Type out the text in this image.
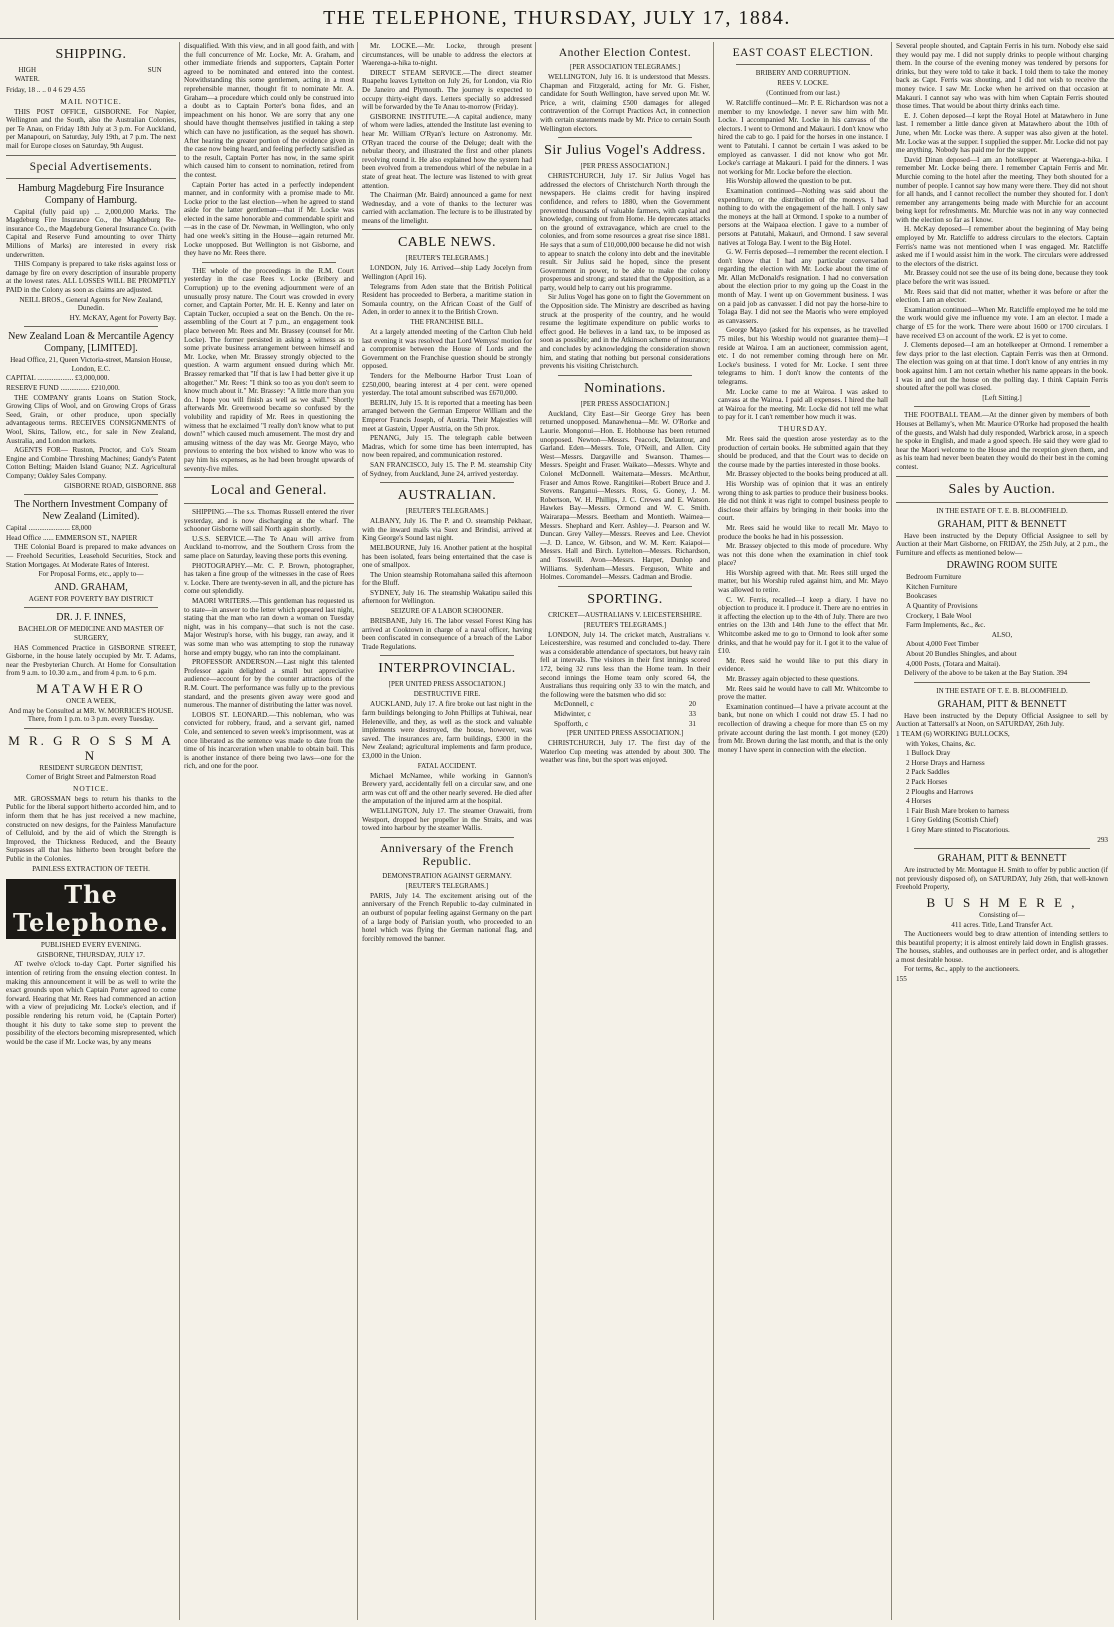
THE TELEPHONE, THURSDAY, JULY 17, 1884.
SHIPPING.
HIGH WATER.
SUN

Friday, 18 .. .. 0 4 6 29 4.55

MAIL NOTICE.

THIS POST OFFICE, GISBORNE. For Napier, Wellington and the South, also the Australian Colonies, per Te Anau, on Friday 18th July at 3 p.m. For Auckland, per Manapouri, on Saturday, July 19th, at 7 p.m. The next mail for Europe closes on Saturday, 9th August.

Special Advertisements.
Hamburg Magdeburg Fire Insurance Company of Hamburg.

Capital (fully paid up) ... 2,000,000 Marks. The Magdeburg Fire Insurance Co., the Magdeburg Re-insurance Co., the Magdeburg General Insurance Co. (with Capital and Reserve Fund amounting to over Thirty Millions of Marks) are interested in every risk underwritten.

THIS Company is prepared to take risks against loss or damage by fire on every description of insurable property at the lowest rates. ALL LOSSES WILL BE PROMPTLY PAID in the Colony as soon as claims are adjusted.

NEILL BROS., General Agents for New Zealand, Dunedin.

HY. McKAY, Agent for Poverty Bay.

New Zealand Loan & Mercantile Agency Company, [LIMITED].

Head Office, 21, Queen Victoria-street, Mansion House, London, E.C.

CAPITAL .................... £3,000,000.

RESERVE FUND ................ £210,000.

THE COMPANY grants Loans on Station Stock, Growing Clips of Wool, and on Growing Crops of Grass Seed, Grain, or other produce, upon specially advantageous terms. RECEIVES CONSIGNMENTS of Wool, Skins, Tallow, etc., for sale in New Zealand, Australia, and London markets.

AGENTS FOR— Ruston, Proctor, and Co's Steam Engine and Combine Threshing Machines; Gandy's Patent Cotton Belting; Maiden Island Guano; N.Z. Agricultural Company; Oakley Sales Company.

GISBORNE ROAD, GISBORNE. 868

The Northern Investment Company of New Zealand (Limited).

Capital ....................... £8,000

Head Office ...... EMMERSON ST., NAPIER

THE Colonial Board is prepared to make advances on— Freehold Securities, Leasehold Securities, Stock and Station Mortgages. At Moderate Rates of Interest.

For Proposal Forms, etc., apply to—

AND. GRAHAM,

AGENT FOR POVERTY BAY DISTRICT

DR. J. F. INNES,

BACHELOR OF MEDICINE AND MASTER OF SURGERY,

HAS Commenced Practice in GISBORNE STREET, Gisborne, in the house lately occupied by Mr. T. Adams, near the Presbyterian Church. At Home for Consultation from 9 a.m. to 10.30 a.m., and from 4 p.m. to 6 p.m.

MATAWHERO

ONCE A WEEK,

And may be Consulted at MR. W. MORRICE'S HOUSE. There, from 1 p.m. to 3 p.m. every Tuesday.

M R. G R O S S M A N

RESIDENT SURGEON DENTIST,

Corner of Bright Street and Palmerston Road

NOTICE.

MR. GROSSMAN begs to return his thanks to the Public for the liberal support hitherto accorded him, and to inform them that he has just received a new machine, constructed on new designs, for the Painless Manufacture of Celluloid, and by the aid of which the Strength is Improved, the Thickness Reduced, and the Beauty Surpasses all that has hitherto been brought before the Public in the Colonies.

PAINLESS EXTRACTION OF TEETH.

The Telephone.

PUBLISHED EVERY EVENING.

GISBORNE, THURSDAY, JULY 17.

AT twelve o'clock to-day Capt. Porter signified his intention of retiring from the ensuing election contest. In making this announcement it will be as well to write the exact grounds upon which Captain Porter agreed to come forward. Hearing that Mr. Rees had commenced an action with a view of prejudicing Mr. Locke's election, and if possible rendering his return void, he (Captain Porter) thought it his duty to take some step to prevent the possibility of the electors becoming misrepresented, which would be the case if Mr. Locke was, by any means

disqualified. With this view, and in all good faith, and with the full concurrence of Mr. Locke, Mr. A. Graham, and other immediate friends and supporters, Captain Porter agreed to be nominated and entered into the contest. Notwithstanding this some gentlemen, acting in a most reprehensible manner, thought fit to nominate Mr. A. Graham—a procedure which could only be construed into a doubt as to Captain Porter's bona fides, and an impeachment on his honor. We are sorry that any one should have thought themselves justified in taking a step which can have no justification, as the sequel has shown. After hearing the greater portion of the evidence given in the case now being heard, and feeling perfectly satisfied as to the result, Captain Porter has now, in the same spirit which caused him to consent to nomination, retired from the contest.

Captain Porter has acted in a perfectly independent manner, and in conformity with a promise made to Mr. Locke prior to the last election—when he agreed to stand aside for the latter gentleman—that if Mr. Locke was elected in the same honorable and commendable spirit and—as in the case of Dr. Newman, in Wellington, who only had one week's sitting in the House—again returned Mr. Locke unopposed. But Wellington is not Gisborne, and they have no Mr. Rees there.

THE whole of the proceedings in the R.M. Court yesterday in the case Rees v. Locke (Bribery and Corruption) up to the evening adjournment were of an unusually prosy nature. The Court was crowded in every corner, and Captain Porter, Mr. H. E. Kenny and later on Captain Tucker, occupied a seat on the Bench. On the re-assembling of the Court at 7 p.m., an engagement took place between Mr. Rees and Mr. Brassey (counsel for Mr. Locke). The former persisted in asking a witness as to some private business arrangement between himself and Mr. Locke, when Mr. Brassey strongly objected to the question. A warm argument ensued during which Mr. Brassey remarked that "If that is law I had better give it up altogether." Mr. Rees: "I think so too as you don't seem to know much about it." Mr. Brassey: "A little more than you do. I hope you will finish as well as we shall." Shortly afterwards Mr. Greenwood became so confused by the volubility and rapidity of Mr. Rees in questioning the witness that he exclaimed "I really don't know what to put down!" which caused much amusement. The most dry and amusing witness of the day was Mr. George Mayo, who previous to entering the box wished to know who was to pay him his expenses, as he had been brought upwards of seventy-five miles.

Local and General.

SHIPPING.—The s.s. Thomas Russell entered the river yesterday, and is now discharging at the wharf. The schooner Gisborne will sail North again shortly.

U.S.S. SERVICE.—The Te Anau will arrive from Auckland to-morrow, and the Southern Cross from the same place on Saturday, leaving these ports this evening.

PHOTOGRAPHY.—Mr. C. P. Brown, photographer, has taken a fine group of the witnesses in the case of Rees v. Locke. There are twenty-seven in all, and the picture has come out splendidly.

MAORI WRITERS.—This gentleman has requested us to state—in answer to the letter which appeared last night, stating that the man who ran down a woman on Tuesday night, was in his company—that such is not the case. Major Westrup's horse, with his buggy, ran away, and it was some man who was attempting to stop the runaway horse and empty buggy, who ran into the complainant.

PROFESSOR ANDERSON.—Last night this talented Professor again delighted a small but appreciative audience—account for by the counter attractions of the R.M. Court. The performance was fully up to the previous standard, and the presents given away were good and numerous. The manner of distributing the latter was novel.

LOBOS ST. LEONARD.—This nobleman, who was convicted for robbery, fraud, and a servant girl, named Cole, and sentenced to seven week's imprisonment, was at once liberated as the sentence was made to date from the time of his incarceration when unable to obtain bail. This is another instance of there being two laws—one for the rich, and one for the poor.

Mr. LOCKE.—Mr. Locke, through present circumstances, will be unable to address the electors at Waerenga-a-hika to-night.

DIRECT STEAM SERVICE.—The direct steamer Ruapehu leaves Lyttelton on July 26, for London, via Rio De Janeiro and Plymouth. The journey is expected to occupy thirty-eight days. Letters specially so addressed will be forwarded by the Te Anau to-morrow (Friday).

GISBORNE INSTITUTE.—A capital audience, many of whom were ladies, attended the Institute last evening to hear Mr. William O'Ryan's lecture on Astronomy. Mr. O'Ryan traced the course of the Deluge; dealt with the nebular theory, and illustrated the first and other planets revolving round it. He also explained how the system had been evolved from a tremendous whirl of the nebulae in a state of great heat. The lecture was listened to with great attention.

The Chairman (Mr. Baird) announced a game for next Wednesday, and a vote of thanks to the lecturer was carried with acclamation. The lecture is to be illustrated by means of the limelight.

CABLE NEWS.
[REUTER'S TELEGRAMS.]

LONDON, July 16. Arrived—ship Lady Jocelyn from Wellington (April 16).

Telegrams from Aden state that the British Political Resident has proceeded to Berbera, a maritime station in Somaula country, on the African Coast of the Gulf of Aden, in order to annex it to the British Crown.

THE FRANCHISE BILL.

At a largely attended meeting of the Carlton Club held last evening it was resolved that Lord Wemyss' motion for a compromise between the House of Lords and the Government on the Franchise question should be strongly opposed.

Tenders for the Melbourne Harbor Trust Loan of £250,000, bearing interest at 4 per cent. were opened yesterday. The total amount subscribed was £670,000.

BERLIN, July 15. It is reported that a meeting has been arranged between the German Emperor William and the Emperor Francis Joseph, of Austria. Their Majesties will meet at Gastein, Upper Austria, on the 5th prox.

PENANG, July 15. The telegraph cable between Madras, which for some time has been interrupted, has now been repaired, and communication restored.

SAN FRANCISCO, July 15. The P. M. steamship City of Sydney, from Auckland, June 24, arrived yesterday.

AUSTRALIAN.
[REUTER'S TELEGRAMS.]

ALBANY, July 16. The P. and O. steamship Pekhaar, with the inward mails via Suez and Brindisi, arrived at King George's Sound last night.

MELBOURNE, July 16. Another patient at the hospital has been isolated, fears being entertained that the case is one of smallpox.

The Union steamship Rotomahana sailed this afternoon for the Bluff.

SYDNEY, July 16. The steamship Wakatipu sailed this afternoon for Wellington.

SEIZURE OF A LABOR SCHOONER.

BRISBANE, July 16. The labor vessel Forest King has arrived at Cooktown in charge of a naval officer, having been confiscated in consequence of a breach of the Labor Trade Regulations.

INTERPROVINCIAL.
[PER UNITED PRESS ASSOCIATION.]
DESTRUCTIVE FIRE.

AUCKLAND, July 17. A fire broke out last night in the farm buildings belonging to John Phillips at Tuhiwai, near Heleneville, and they, as well as the stock and valuable implements were destroyed, the house, however, was saved. The insurances are, farm buildings, £300 in the New Zealand; agricultural implements and farm produce, £3,000 in the Union.

FATAL ACCIDENT.

Michael McNamee, while working in Gannon's Brewery yard, accidentally fell on a circular saw, and one arm was cut off and the other nearly severed. He died after the amputation of the injured arm at the hospital.

WELLINGTON, July 17. The steamer Orawaiti, from Westport, dropped her propeller in the Straits, and was towed into harbour by the steamer Wallis.

Anniversary of the French Republic.
DEMONSTRATION AGAINST GERMANY.
[REUTER'S TELEGRAMS.]

PARIS, July 14. The excitement arising out of the anniversary of the French Republic to-day culminated in an outburst of popular feeling against Germany on the part of a large body of Parisian youth, who proceeded to an hotel which was flying the German national flag, and forcibly removed the banner.

Another Election Contest.
[PER ASSOCIATION TELEGRAMS.]

WELLINGTON, July 16. It is understood that Messrs. Chapman and Fitzgerald, acting for Mr. G. Fisher, candidate for South Wellington, have served upon Mr. W. Price, a writ, claiming £500 damages for alleged contravention of the Corrupt Practices Act, in connection with certain statements made by Mr. Price to certain South Wellington electors.

Sir Julius Vogel's Address.
[PER PRESS ASSOCIATION.]

CHRISTCHURCH, July 17. Sir Julius Vogel has addressed the electors of Christchurch North through the newspapers. He claims credit for having inspired confidence, and refers to 1880, when the Government prevented thousands of valuable farmers, with capital and knowledge, coming out from Home. He deprecates attacks on the ground of extravagance, which are cruel to the colonies, and from some resources a great rise since 1881. He says that a sum of £10,000,000 because he did not wish to appear to snatch the colony into debt and the inevitable result. Sir Julius said he hoped, since the present Government in power, to be able to make the colony prosperous and strong; and stated that the Opposition, as a party, would help to carry out his programme.

Sir Julius Vogel has gone on to fight the Government on the Opposition side. The Ministry are described as having struck at the prosperity of the country, and he would resume the legitimate expenditure on public works to effect good. He believes in a land tax, to be imposed as soon as possible; and in the Atkinson scheme of insurance; and concludes by acknowledging the consideration shown him, and stating that nothing but personal considerations prevents his visiting Christchurch.

Nominations.
[PER PRESS ASSOCIATION.]

Auckland, City East—Sir George Grey has been returned unopposed. Manawhenua—Mr. W. O'Rorke and Laurie. Mongonui—Hon. E. Hobhouse has been returned unopposed. Newton—Messrs. Peacock, Delautour, and Garland. Eden—Messrs. Tole, O'Neill, and Allen. City West—Messrs. Dargaville and Swanson. Thames—Messrs. Speight and Fraser. Waikato—Messrs. Whyte and Colonel McDonnell. Waitemata—Messrs. McArthur, Fraser and Amos Rowe. Rangitikei—Robert Bruce and J. Stevens. Ranganui—Messrs. Ross, G. Goney, J. M. Robertson, W. H. Phillips, J. C. Crewes and E. Watson. Hawkes Bay—Messrs. Ormond and W. C. Smith. Wairarapa—Messrs. Beetham and Montieth. Waimea—Messrs. Shephard and Kerr. Ashley—J. Pearson and W. Duncan. Grey Valley—Messrs. Reeves and Lee. Cheviot—J. D. Lance, W. Gibson, and W. M. Kerr. Kaiapoi—Messrs. Hall and Birch. Lyttelton—Messrs. Richardson, and Tosswill. Avon—Messrs. Harper, Dunlop and Williams. Sydenham—Messrs. Ferguson, White and Holmes. Coromandel—Messrs. Cadman and Brodie.

SPORTING.
CRICKET—AUSTRALIANS V. LEICESTERSHIRE.
[REUTER'S TELEGRAMS.]

LONDON, July 14. The cricket match, Australians v. Leicestershire, was resumed and concluded to-day. There was a considerable attendance of spectators, but heavy rain fell at intervals. The visitors in their first innings scored 172, being 32 runs less than the Home team. In their second innings the Home team only scored 64, the Australians thus requiring only 33 to win the match, and the following were the batsmen who did so:

McDonnell, c	20

Midwinter, c	33

Spofforth, c	31

[PER UNITED PRESS ASSOCIATION.]

CHRISTCHURCH, July 17. The first day of the Waterloo Cup meeting was attended by about 300. The weather was fine, but the sport was enjoyed.

EAST COAST ELECTION.
BRIBERY AND CORRUPTION.
REES V. LOCKE.
(Continued from our last.)

W. Ratcliffe continued—Mr. P. E. Richardson was not a member to my knowledge. I never saw him with Mr. Locke. I accompanied Mr. Locke in his canvass of the electors. I went to Ormond and Makauri. I don't know who hired the cab to go. I paid for the horses in one instance. I went to Patutahi. I cannot be certain I was asked to be employed as canvasser. I did not know who got Mr. Locke's carriage at Makauri. I paid for the dinners. I was not working for Mr. Locke before the election.

His Worship allowed the question to be put.

Examination continued—Nothing was said about the expenditure, or the distribution of the moneys. I had nothing to do with the engagement of the hall. I only saw the moneys at the hall at Ormond. I spoke to a number of persons at the Waipaoa election. I gave to a number of persons at Patutahi, Makauri, and Ormond. I saw several natives at Tologa Bay. I went to the Big Hotel.

G. W. Ferris deposed—I remember the recent election. I don't know that I had any particular conversation regarding the election with Mr. Locke about the time of Mr. Allan McDonald's resignation. I had no conversation about the election prior to my going up the Coast in the month of May. I went up on Government business. I was on a paid job as canvasser. I did not pay the horse-hire to Tolaga Bay. I did not see the Maoris who were employed as canvassers.

George Mayo (asked for his expenses, as he travelled 75 miles, but his Worship would not guarantee them)—I reside at Wairoa. I am an auctioneer, commission agent, etc. I do not remember coming through here on Mr. Locke's business. I voted for Mr. Locke. I sent three telegrams to him. I don't know the contents of the telegrams.

Mr. Locke came to me at Wairoa. I was asked to canvass at the Wairoa. I paid all expenses. I hired the hall at Wairoa for the meeting. Mr. Locke did not tell me what to pay for it. I can't remember how much it was.

THURSDAY.

Mr. Rees said the question arose yesterday as to the production of certain books. He submitted again that they should be produced, and that the Court was to decide on the course made by the parties interested in those books.

Mr. Brassey objected to the books being produced at all.

His Worship was of opinion that it was an entirely wrong thing to ask parties to produce their business books. He did not think it was right to compel business people to disclose their affairs by bringing in their books into the court.

Mr. Rees said he would like to recall Mr. Mayo to produce the books he had in his possession.

Mr. Brassey objected to this mode of procedure. Why was not this done when the examination in chief took place?

His Worship agreed with that. Mr. Rees still urged the matter, but his Worship ruled against him, and Mr. Mayo was allowed to retire.

C. W. Ferris, recalled—I keep a diary. I have no objection to produce it. I produce it. There are no entries in it affecting the election up to the 4th of July. There are two entries on the 13th and 14th June to the effect that Mr. Whitcombe asked me to go to Ormond to look after some drinks, and that he would pay for it. I got it to the value of £10.

Mr. Rees said he would like to put this diary in evidence.

Mr. Brassey again objected to these questions.

Mr. Rees said he would have to call Mr. Whitcombe to prove the matter.

Examination continued—I have a private account at the bank, but none on which I could not draw £5. I had no recollection of drawing a cheque for more than £5 on my private account during the last month. I got money (£20) from Mr. Brown during the last month, and that is the only money I have spent in connection with the election.

Several people shouted, and Captain Ferris in his turn. Nobody else said they would pay me. I did not supply drinks to people without charging them. In the course of the evening money was tendered by persons for drinks, but they were told to take it back. I told them to take the money back as Capt. Ferris was shouting, and I did not wish to receive the money twice. I saw Mr. Locke when he arrived on that occasion at Makauri. I cannot say who was with him when Captain Ferris shouted those times. That would be about thirty drinks each time.

E. J. Cohen deposed—I kept the Royal Hotel at Matawhero in June last. I remember a little dance given at Matawhero about the 10th of June, when Mr. Locke was there. A supper was also given at the hotel. Mr. Locke was at the supper. I supplied the supper. Mr. Locke did not pay me anything. Nobody has paid me for the supper.

David Dinan deposed—I am an hotelkeeper at Waerenga-a-hika. I remember Mr. Locke being there. I remember Captain Ferris and Mr. Murchie coming to the hotel after the meeting. They both shouted for a number of people. I cannot say how many were there. They did not shout for all hands, and I cannot recollect the number they shouted for. I don't remember any arrangements being made with Murchie for an account being kept for refreshments. Mr. Murchie was not in any way connected with the election so far as I know.

H. McKay deposed—I remember about the beginning of May being employed by Mr. Ratcliffe to address circulars to the electors. Captain Ferris's name was not mentioned when I was engaged. Mr. Ratcliffe asked me if I would assist him in the work. The circulars were addressed to the electors of the district.

Mr. Brassey could not see the use of its being done, because they took place before the writ was issued.

Mr. Rees said that did not matter, whether it was before or after the election. I am an elector.

Examination continued—When Mr. Ratcliffe employed me he told me the work would give me influence my vote. I am an elector. I made a charge of £5 for the work. There were about 1600 or 1700 circulars. I have received £3 on account of the work. £2 is yet to come.

J. Clements deposed—I am an hotelkeeper at Ormond. I remember a few days prior to the last election. Captain Ferris was then at Ormond. The election was going on at that time. I don't know of any entries in my book against him. I am not certain whether his name appears in the book. I was in and out the house on the polling day. I think Captain Ferris shouted after the poll was closed.

[Left Sitting.]

THE FOOTBALL TEAM.—At the dinner given by members of both Houses at Bellamy's, when Mr. Maurice O'Rorke had proposed the health of the guests, and Walsh had duly responded, Warbrick arose, in a speech he spoke in English, and made a good speech. He said they were glad to hear the Maori welcome to the House and the reception given them, and as his team had never been beaten they would do their best in the coming contest.

Sales by Auction.
IN THE ESTATE OF T. E. B. BLOOMFIELD.
GRAHAM, PITT & BENNETT

Have been instructed by the Deputy Official Assignee to sell by Auction at their Mart Gisborne, on FRIDAY, the 25th July, at 2 p.m., the Furniture and effects as mentioned below—

DRAWING ROOM SUITE

Bedroom Furniture

Kitchen Furniture

Bookcases

A Quantity of Provisions

Crockery, 1 Bale Wool

Farm Implements, &c., &c.

ALSO,

About 4,000 Feet Timber

About 20 Bundles Shingles, and about

4,000 Posts, (Totara and Maitai).

Delivery of the above to be taken at the Bay Station. 394

IN THE ESTATE OF T. E. B. BLOOMFIELD.
GRAHAM, PITT & BENNETT

Have been instructed by the Deputy Official Assignee to sell by Auction at Tattersall's at Noon, on SATURDAY, 26th July.

1 TEAM (6) WORKING BULLOCKS,

with Yokes, Chains, &c.

1 Bullock Dray

2 Horse Drays and Harness

2 Pack Saddles

2 Pack Horses

2 Ploughs and Harrows

4 Horses

1 Fair Bush Mare broken to harness

1 Grey Gelding (Scottish Chief)

1 Grey Mare stinted to Piscatorious.

293

GRAHAM, PITT & BENNETT

Are instructed by Mr. Montague H. Smith to offer by public auction (if not previously disposed of), on SATURDAY, July 26th, that well-known Freehold Property,

B U S H M E R E ,

Consisting of—

411 acres. Title, Land Transfer Act.

The Auctioneers would beg to draw attention of intending settlers to this beautiful property; it is almost entirely laid down in English grasses. The houses, stables, and outhouses are in perfect order, and is altogether a most desirable house.

For terms, &c., apply to the auctioneers.

155
